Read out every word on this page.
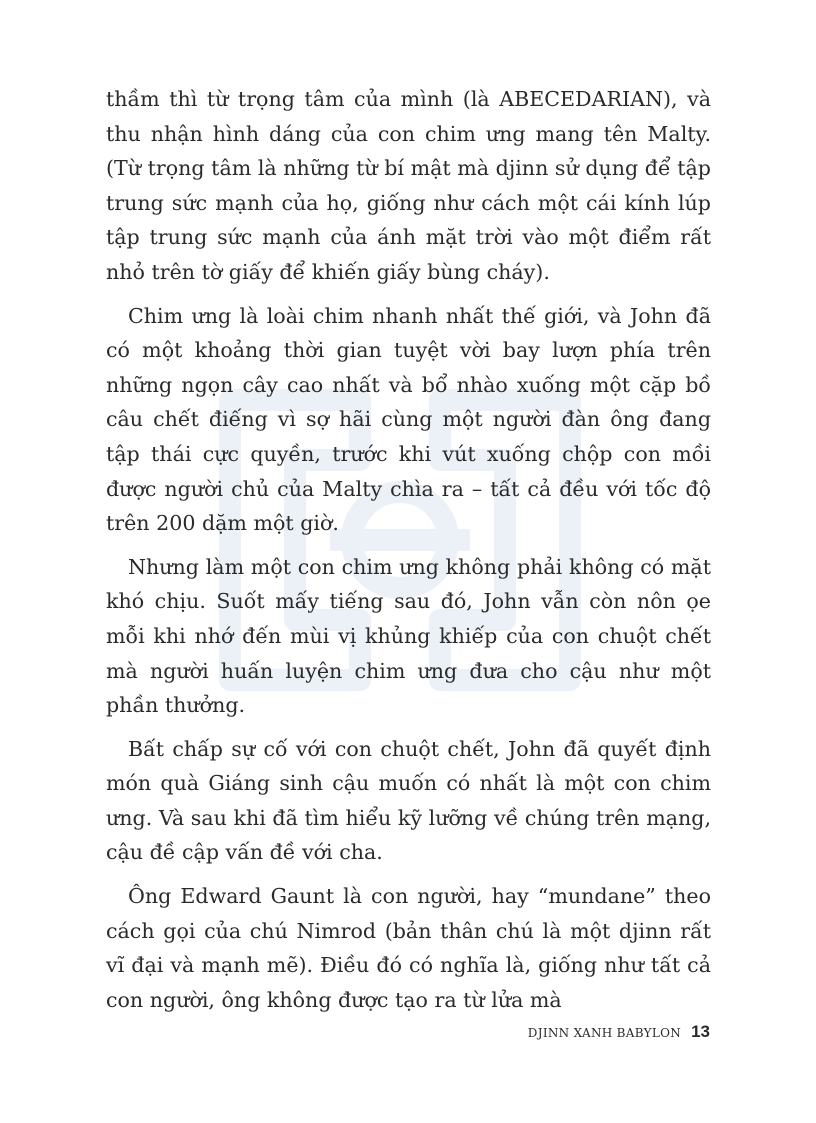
thầm thì từ trọng tâm của mình (là ABECEDARIAN), và thu nhận hình dáng của con chim ưng mang tên Malty. (Từ trọng tâm là những từ bí mật mà djinn sử dụng để tập trung sức mạnh của họ, giống như cách một cái kính lúp tập trung sức mạnh của ánh mặt trời vào một điểm rất nhỏ trên tờ giấy để khiến giấy bùng cháy).

Chim ưng là loài chim nhanh nhất thế giới, và John đã có một khoảng thời gian tuyệt vời bay lượn phía trên những ngọn cây cao nhất và bổ nhào xuống một cặp bồ câu chết điếng vì sợ hãi cùng một người đàn ông đang tập thái cực quyền, trước khi vút xuống chộp con mồi được người chủ của Malty chìa ra – tất cả đều với tốc độ trên 200 dặm một giờ.

Nhưng làm một con chim ưng không phải không có mặt khó chịu. Suốt mấy tiếng sau đó, John vẫn còn nôn ọe mỗi khi nhớ đến mùi vị khủng khiếp của con chuột chết mà người huấn luyện chim ưng đưa cho cậu như một phần thưởng.

Bất chấp sự cố với con chuột chết, John đã quyết định món quà Giáng sinh cậu muốn có nhất là một con chim ưng. Và sau khi đã tìm hiểu kỹ lưỡng về chúng trên mạng, cậu đề cập vấn đề với cha.

Ông Edward Gaunt là con người, hay “mundane” theo cách gọi của chú Nimrod (bản thân chú là một djinn rất vĩ đại và mạnh mẽ). Điều đó có nghĩa là, giống như tất cả con người, ông không được tạo ra từ lửa mà

DJINN XANH BABYLON 13
